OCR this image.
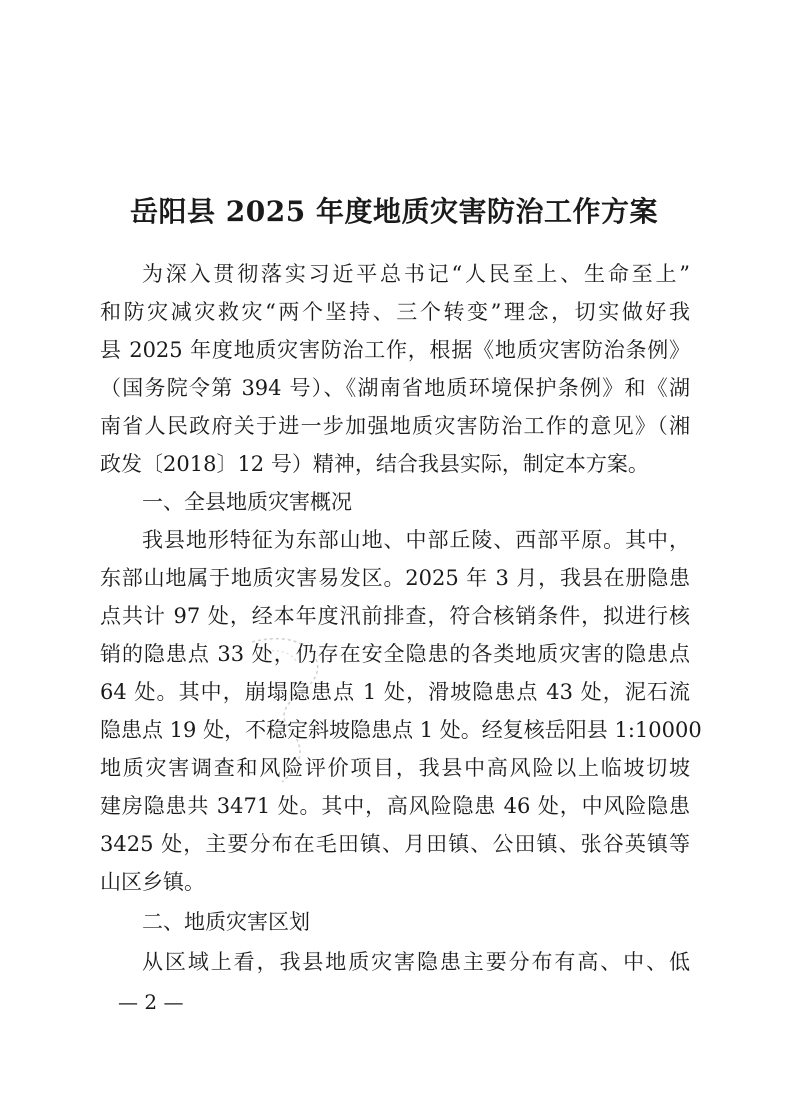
岳阳县 2025 年度地质灾害防治工作方案
为深入贯彻落实习近平总书记“人民至上、生命至上”
和防灾减灾救灾“两个坚持、三个转变”理念，切实做好我
县 2025 年度地质灾害防治工作，根据《地质灾害防治条例》
（国务院令第 394 号）、《湖南省地质环境保护条例》和《湖
南省人民政府关于进一步加强地质灾害防治工作的意见》（湘
政发〔2018〕12 号）精神，结合我县实际，制定本方案。
一、全县地质灾害概况
我县地形特征为东部山地、中部丘陵、西部平原。其中，
东部山地属于地质灾害易发区。2025 年 3 月，我县在册隐患
点共计 97 处，经本年度汛前排查，符合核销条件，拟进行核
销的隐患点 33 处，仍存在安全隐患的各类地质灾害的隐患点
64 处。其中，崩塌隐患点 1 处，滑坡隐患点 43 处，泥石流
隐患点 19 处，不稳定斜坡隐患点 1 处。经复核岳阳县 1:10000
地质灾害调查和风险评价项目，我县中高风险以上临坡切坡
建房隐患共 3471 处。其中，高风险隐患 46 处，中风险隐患
3425 处，主要分布在毛田镇、月田镇、公田镇、张谷英镇等
山区乡镇。
二、地质灾害区划
从区域上看，我县地质灾害隐患主要分布有高、中、低
— 2 —
